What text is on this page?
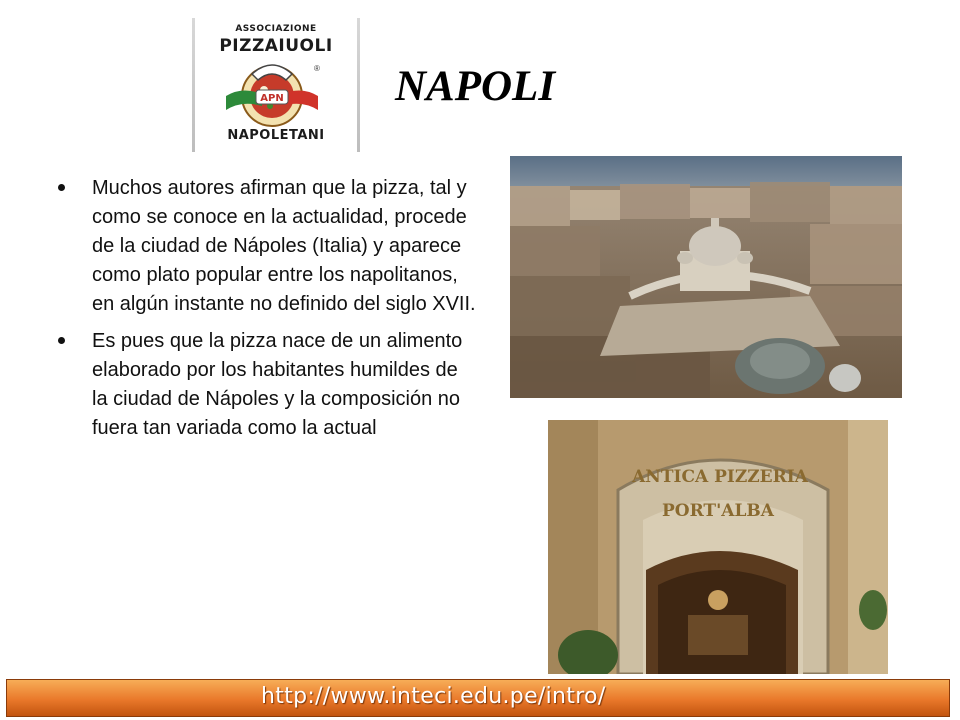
ASSOCIAZIONE
PIZZAIUOLI
®
APN
NAPOLETANI
NAPOLI
Muchos autores afirman que la pizza, tal y como se conoce en la actualidad, procede de la ciudad de Nápoles (Italia) y aparece como plato popular entre los napolitanos, en algún instante no definido del siglo XVII.
Es pues que la pizza nace de un alimento elaborado por los habitantes humildes de la ciudad de Nápoles y la composición no fuera tan variada como la actual
ANTICA PIZZERIA
PORT'ALBA
http://www.inteci.edu.pe/intro/
